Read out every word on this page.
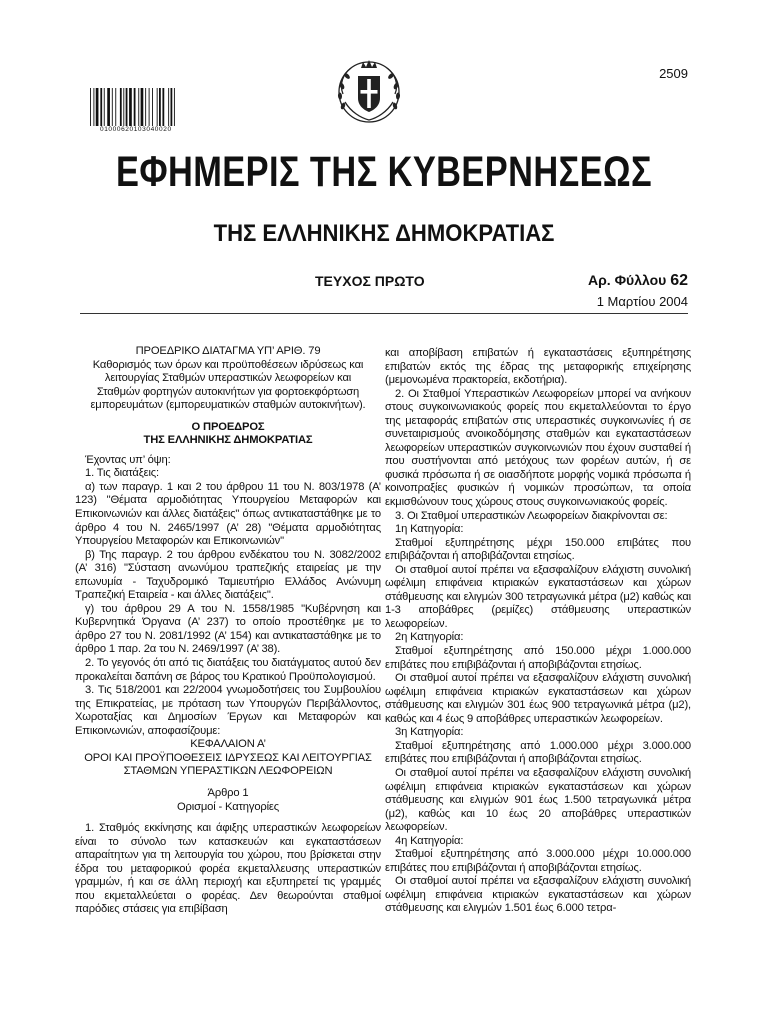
2509
01000620103040020
ΕΦΗΜΕΡΙΣ ΤΗΣ ΚΥΒΕΡΝΗΣΕΩΣ
ΤΗΣ ΕΛΛΗΝΙΚΗΣ ΔΗΜΟΚΡΑΤΙΑΣ
ΤΕΥΧΟΣ ΠΡΩΤΟ	Αρ. Φύλλου 62
1 Μαρτίου 2004

ΠΡΟΕΔΡΙΚΟ ΔΙΑΤΑΓΜΑ ΥΠ’ ΑΡΙΘ. 79

Καθορισμός των όρων και προϋποθέσεων ιδρύσεως και λειτουργίας Σταθμών υπεραστικών λεωφορείων και Σταθμών φορτηγών αυτοκινήτων για φορτοεκφόρτωση εμπορευμάτων (εμπορευματικών σταθμών αυτοκινήτων).

Ο ΠΡΟΕΔΡΟΣ

ΤΗΣ ΕΛΛΗΝΙΚΗΣ ΔΗΜΟΚΡΑΤΙΑΣ

Έχοντας υπ’ όψη:

1. Τις διατάξεις:

α) των παραγρ. 1 και 2 του άρθρου 11 του Ν. 803/1978 (Α’ 123) "Θέματα αρμοδιότητας Υπουργείου Μεταφορών και Επικοινωνιών και άλλες διατάξεις" όπως αντικαταστάθηκε με το άρθρο 4 του Ν. 2465/1997 (Α’ 28) "Θέματα αρμοδιότητας Υπουργείου Μεταφορών και Επικοινωνιών"

β) Της παραγρ. 2 του άρθρου ενδέκατου του Ν. 3082/2002 (Α’ 316) "Σύσταση ανωνύμου τραπεζικής εταιρείας με την επωνυμία - Ταχυδρομικό Ταμιευτήριο Ελλάδος Ανώνυμη Τραπεζική Εταιρεία - και άλλες διατάξεις".

γ) του άρθρου 29 Α του Ν. 1558/1985 "Κυβέρνηση και Κυβερνητικά Όργανα (Α’ 237) το οποίο προστέθηκε με το άρθρο 27 του Ν. 2081/1992 (Α’ 154) και αντικαταστάθηκε με το άρθρο 1 παρ. 2α του Ν. 2469/1997 (Α’ 38).

2. Το γεγονός ότι από τις διατάξεις του διατάγματος αυτού δεν προκαλείται δαπάνη σε βάρος του Κρατικού Προϋπολογισμού.

3. Τις 518/2001 και 22/2004 γνωμοδοτήσεις του Συμβουλίου της Επικρατείας, με πρόταση των Υπουργών Περιβάλλοντος, Χωροταξίας και Δημοσίων Έργων και Μεταφορών και Επικοινωνιών, αποφασίζουμε:

ΚΕΦΑΛΑΙΟΝ Α’

ΟΡΟΙ ΚΑΙ ΠΡΟΫΠΟΘΕΣΕΙΣ ΙΔΡΥΣΕΩΣ ΚΑΙ ΛΕΙΤΟΥΡΓΙΑΣ ΣΤΑΘΜΩΝ ΥΠΕΡΑΣΤΙΚΩΝ ΛΕΩΦΟΡΕΙΩΝ

Άρθρο 1

Ορισμοί - Κατηγορίες

1. Σταθμός εκκίνησης και άφιξης υπεραστικών λεωφορείων είναι το σύνολο των κατασκευών και εγκαταστάσεων απαραίτητων για τη λειτουργία του χώρου, που βρίσκεται στην έδρα του μεταφορικού φορέα εκμεταλλευσης υπεραστικών γραμμών, ή και σε άλλη περιοχή και εξυπηρετεί τις γραμμές που εκμεταλλεύεται ο φορέας. Δεν θεωρούνται σταθμοί παρόδιες στάσεις για επιβίβαση

και αποβίβαση επιβατών ή εγκαταστάσεις εξυπηρέτησης επιβατών εκτός της έδρας της μεταφορικής επιχείρησης (μεμονωμένα πρακτορεία, εκδοτήρια).

2. Οι Σταθμοί Υπεραστικών Λεωφορείων μπορεί να ανήκουν στους συγκοινωνιακούς φορείς που εκμεταλλεύονται το έργο της μεταφοράς επιβατών στις υπεραστικές συγκοινωνίες ή σε συνεταιρισμούς ανοικοδόμησης σταθμών και εγκαταστάσεων λεωφορείων υπεραστικών συγκοινωνιών που έχουν συσταθεί ή που συστήνονται από μετόχους των φορέων αυτών, ή σε φυσικά πρόσωπα ή σε οιασδήποτε μορφής νομικά πρόσωπα ή κοινοπραξίες φυσικών ή νομικών προσώπων, τα οποία εκμισθώνουν τους χώρους στους συγκοινωνιακούς φορείς.

3. Οι Σταθμοί υπεραστικών Λεωφορείων διακρίνονται σε:

1η Κατηγορία:

Σταθμοί εξυπηρέτησης μέχρι 150.000 επιβάτες που επιβιβάζονται ή αποβιβάζονται ετησίως.

Οι σταθμοί αυτοί πρέπει να εξασφαλίζουν ελάχιστη συνολική ωφέλιμη επιφάνεια κτιριακών εγκαταστάσεων και χώρων στάθμευσης και ελιγμών 300 τετραγωνικά μέτρα (μ2) καθώς και 1-3 αποβάθρες (ρεμίζες) στάθμευσης υπεραστικών λεωφορείων.

2η Κατηγορία:

Σταθμοί εξυπηρέτησης από 150.000 μέχρι 1.000.000 επιβάτες που επιβιβάζονται ή αποβιβάζονται ετησίως.

Οι σταθμοί αυτοί πρέπει να εξασφαλίζουν ελάχιστη συνολική ωφέλιμη επιφάνεια κτιριακών εγκαταστάσεων και χώρων στάθμευσης και ελιγμών 301 έως 900 τετραγωνικά μέτρα (μ2), καθώς και 4 έως 9 αποβάθρες υπεραστικών λεωφορείων.

3η Κατηγορία:

Σταθμοί εξυπηρέτησης από 1.000.000 μέχρι 3.000.000 επιβάτες που επιβιβάζονται ή αποβιβάζονται ετησίως.

Οι σταθμοί αυτοί πρέπει να εξασφαλίζουν ελάχιστη συνολική ωφέλιμη επιφάνεια κτιριακών εγκαταστάσεων και χώρων στάθμευσης και ελιγμών 901 έως 1.500 τετραγωνικά μέτρα (μ2), καθώς και 10 έως 20 αποβάθρες υπεραστικών λεωφορείων.

4η Κατηγορία:

Σταθμοί εξυπηρέτησης από 3.000.000 μέχρι 10.000.000 επιβάτες που επιβιβάζονται ή αποβιβάζονται ετησίως.

Οι σταθμοί αυτοί πρέπει να εξασφαλίζουν ελάχιστη συνολική ωφέλιμη επιφάνεια κτιριακών εγκαταστάσεων και χώρων στάθμευσης και ελιγμών 1.501 έως 6.000 τετρα-
